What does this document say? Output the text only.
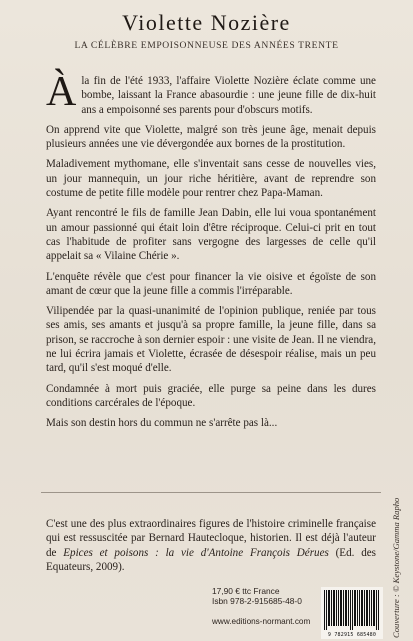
Violette Nozière
LA CÉLÈBRE EMPOISONNEUSE DES ANNÉES TRENTE

Àla fin de l'été 1933, l'affaire Violette Nozière éclate comme une bombe, laissant la France abasourdie : une jeune fille de dix-huit ans a empoisonné ses parents pour d'obscurs motifs.

On apprend vite que Violette, malgré son très jeune âge, menait depuis plusieurs années une vie dévergondée aux bornes de la prostitution.

Maladivement mythomane, elle s'inventait sans cesse de nouvelles vies, un jour mannequin, un jour riche héritière, avant de reprendre son costume de petite fille modèle pour rentrer chez Papa-Maman.

Ayant rencontré le fils de famille Jean Dabin, elle lui voua spontanément un amour passionné qui était loin d'être réciproque. Celui-ci prit en tout cas l'habitude de profiter sans vergogne des largesses de celle qu'il appelait sa « Vilaine Chérie ».

L'enquête révèle que c'est pour financer la vie oisive et égoïste de son amant de cœur que la jeune fille a commis l'irréparable.

Vilipendée par la quasi-unanimité de l'opinion publique, reniée par tous ses amis, ses amants et jusqu'à sa propre famille, la jeune fille, dans sa prison, se raccroche à son dernier espoir : une visite de Jean. Il ne viendra, ne lui écrira jamais et Violette, écrasée de désespoir réalise, mais un peu tard, qu'il s'est moqué d'elle.

Condamnée à mort puis graciée, elle purge sa peine dans les dures conditions carcérales de l'époque.

Mais son destin hors du commun ne s'arrête pas là...

C'est une des plus extraordinaires figures de l'histoire criminelle française qui est ressuscitée par Bernard Hautecloque, historien. Il est déjà l'auteur de Epices et poisons : la vie d'Antoine François Dérues (Ed. des Equateurs, 2009).
17,90 € ttc France
Isbn 978-2-915685-48-0
www.editions-normant.com
9 782915 685480	Couverture : © Keystone/Gamma Rapho
